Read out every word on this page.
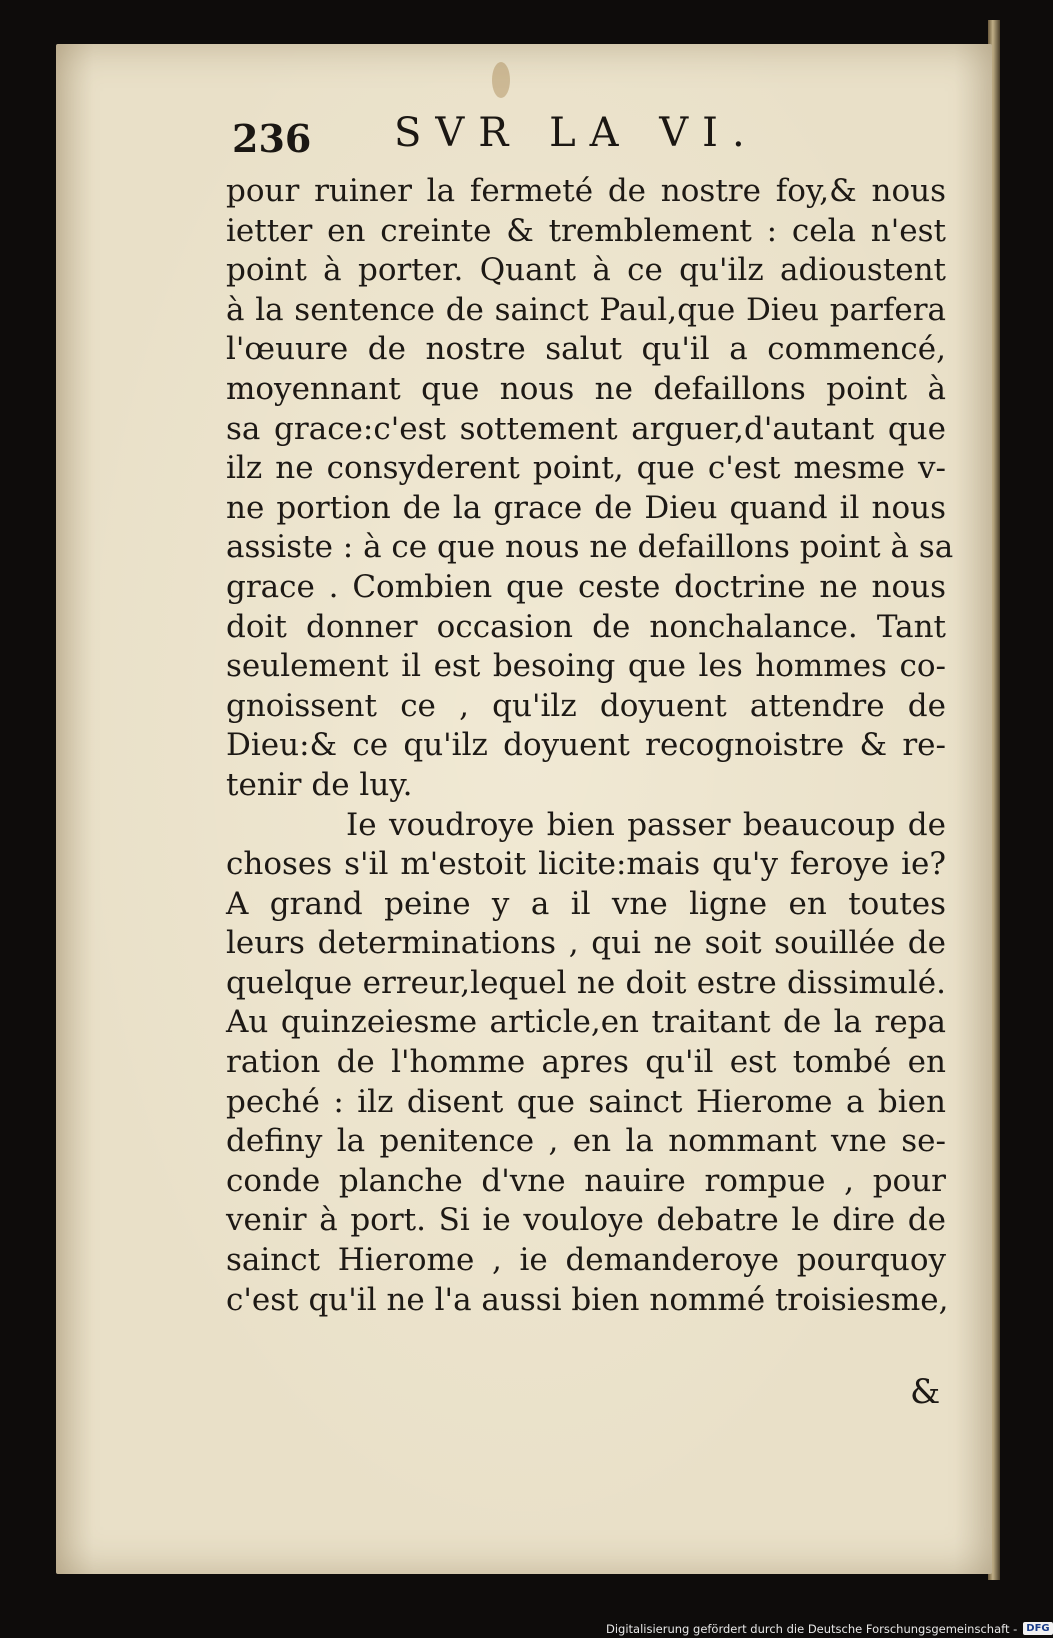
236 SVR LA VI.
pour ruiner la fermeté de nostre foy,& nous
ietter en creinte & tremblement : cela n'est
point à porter. Quant à ce qu'ilz adioustent
à la sentence de sainct Paul,que Dieu parfera
l'œuure de nostre salut qu'il a commencé,
moyennant que nous ne defaillons point à
sa grace:c'est sottement arguer,d'autant que
ilz ne consyderent point, que c'est mesme v-
ne portion de la grace de Dieu quand il nous
assiste : à ce que nous ne defaillons point à sa
grace . Combien que ceste doctrine ne nous
doit donner occasion de nonchalance. Tant
seulement il est besoing que les hommes co-
gnoissent ce , qu'ilz doyuent attendre de
Dieu:& ce qu'ilz doyuent recognoistre & re-
tenir de luy.
Ie voudroye bien passer beaucoup de
choses s'il m'estoit licite:mais qu'y feroye ie?
A grand peine y a il vne ligne en toutes
leurs determinations , qui ne soit souillée de
quelque erreur,lequel ne doit estre dissimulé.
Au quinzeiesme article,en traitant de la repa
ration de l'homme apres qu'il est tombé en
peché : ilz disent que sainct Hierome a bien
definy la penitence , en la nommant vne se-
conde planche d'vne nauire rompue , pour
venir à port. Si ie vouloye debatre le dire de
sainct Hierome , ie demanderoye pourquoy
c'est qu'il ne l'a aussi bien nommé troisiesme,
&
Digitalisierung gefördert durch die Deutsche Forschungsgemeinschaft - DFG
